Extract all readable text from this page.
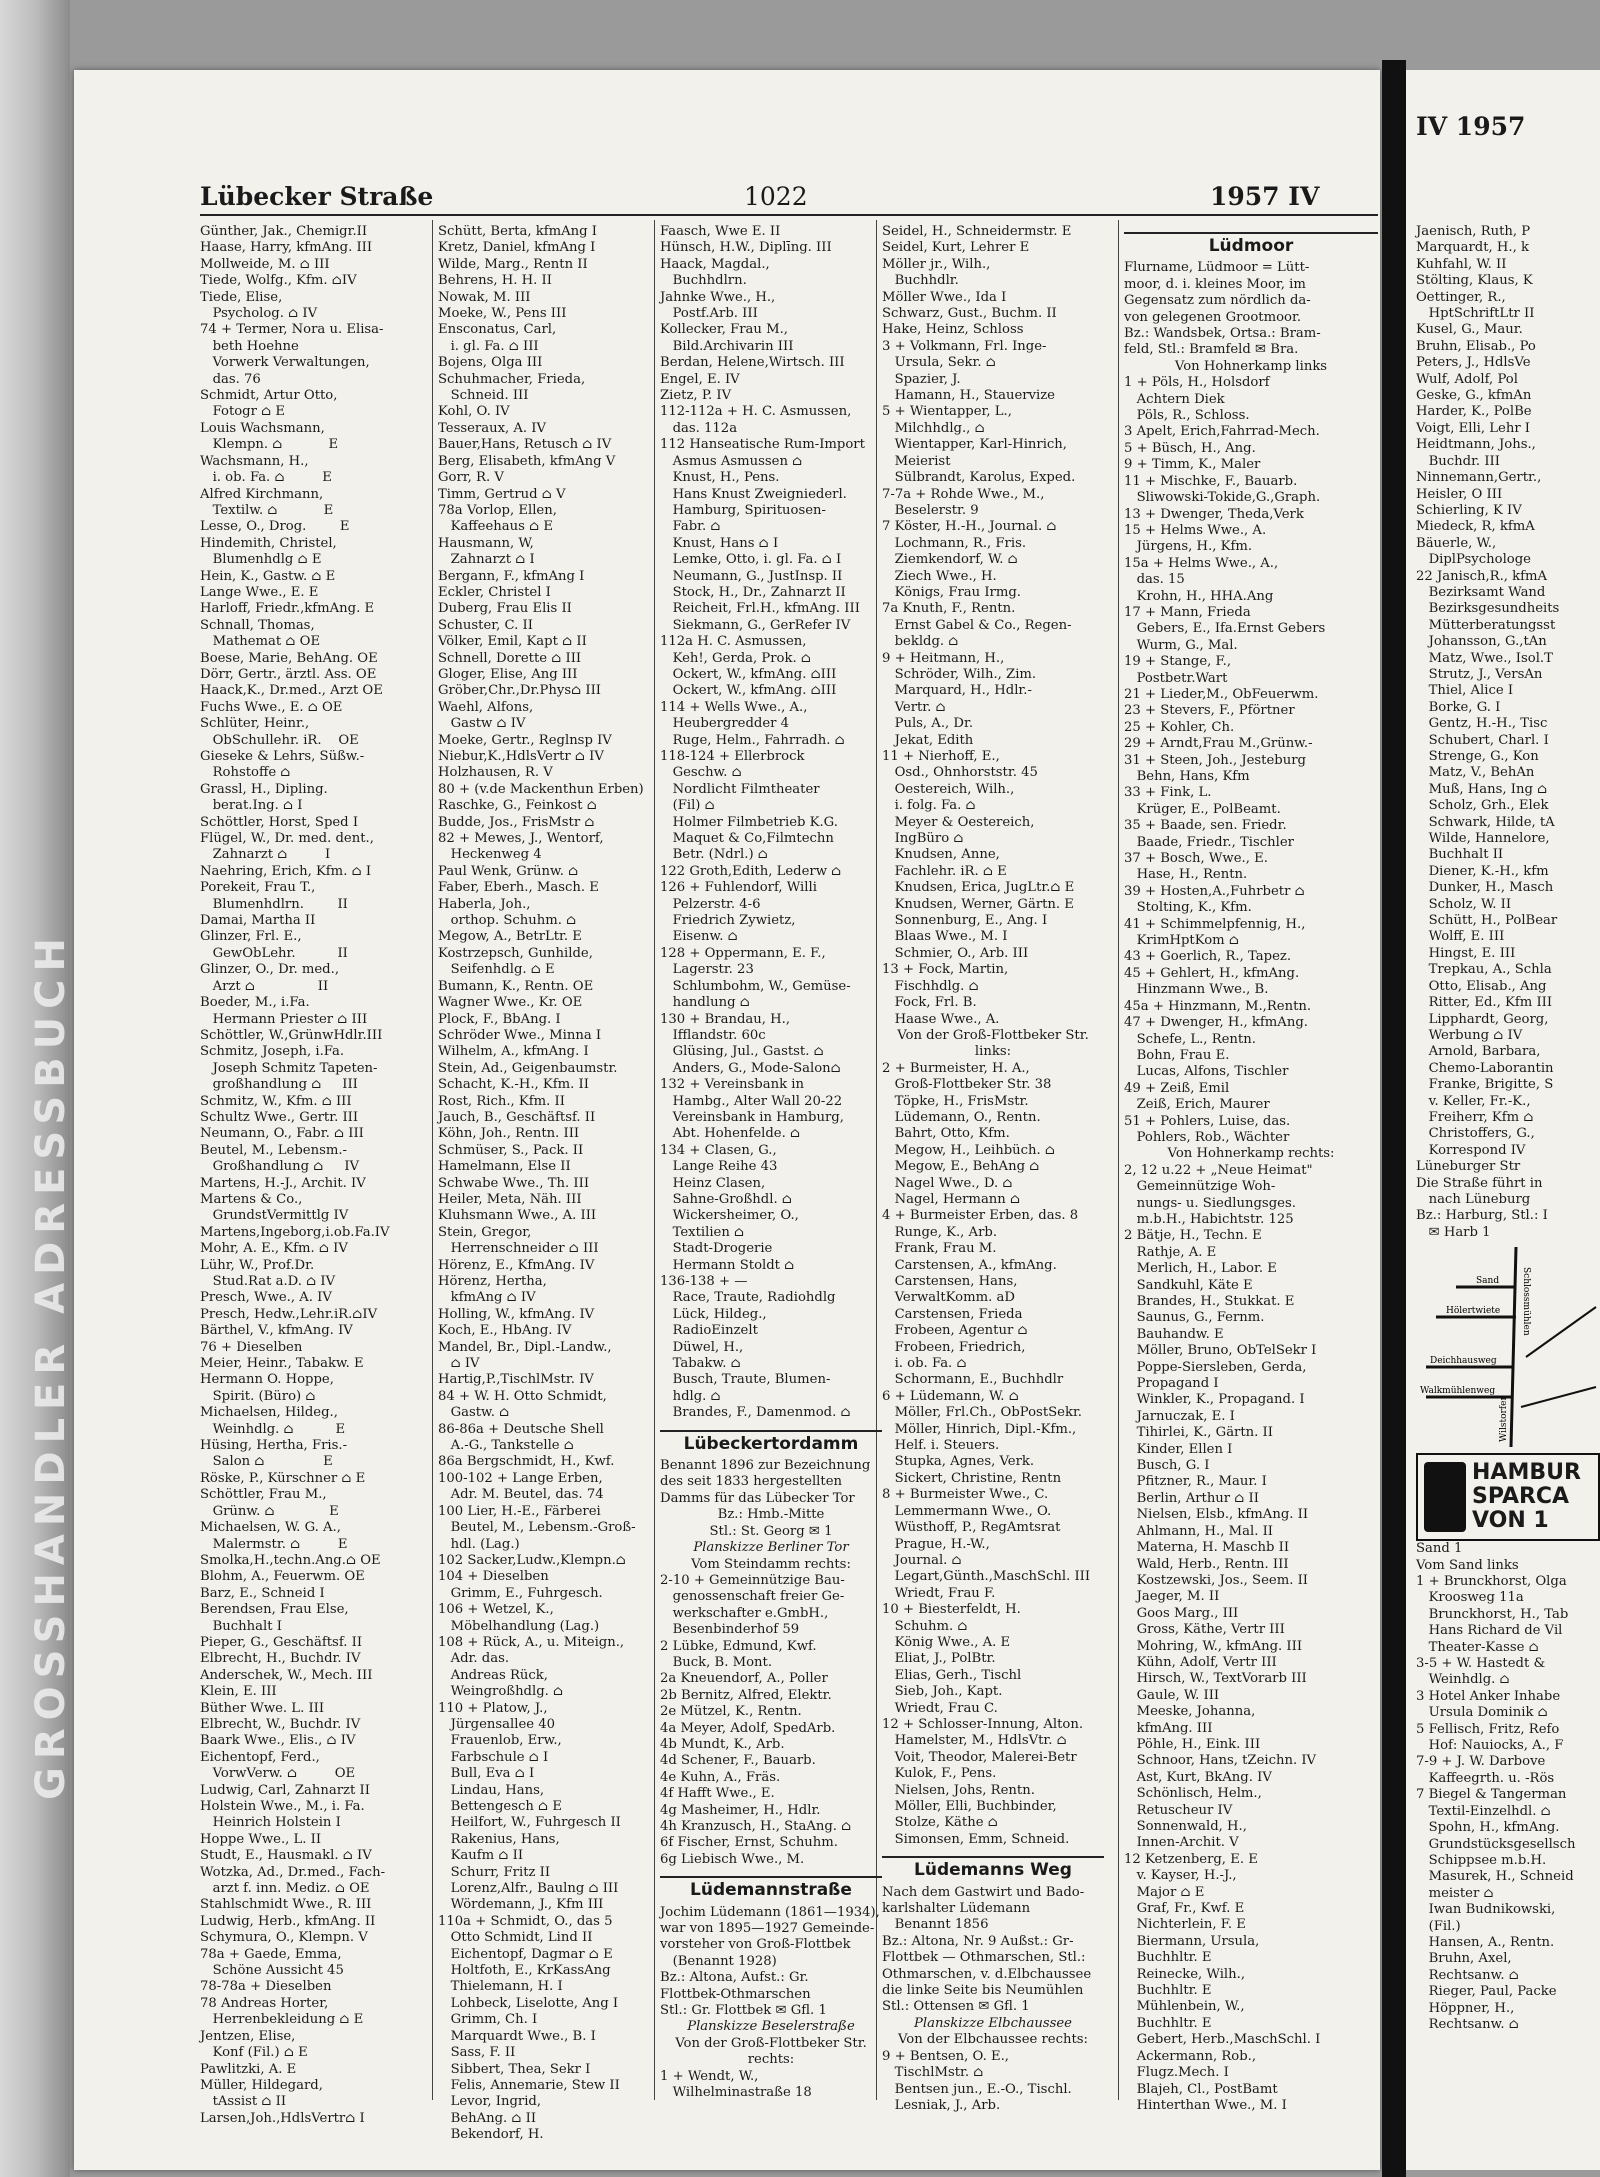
GROSSHANDLER ADRESSBUCH
Lübecker Straße	1022	1957 IV
Günther, Jak., Chemigr.II
Haase, Harry, kfmAng. III
Mollweide, M. ⌂ III
Tiede, Wolfg., Kfm. ⌂IV
Tiede, Elise,
Psycholog. ⌂ IV
74 + Termer, Nora u. Elisa-
beth Hoehne
Vorwerk Verwaltungen,
das. 76
Schmidt, Artur Otto,
Fotogr ⌂ E
Louis Wachsmann,
Klempn. ⌂           E
Wachsmann, H.,
i. ob. Fa. ⌂         E
Alfred Kirchmann,
Textilw. ⌂           E
Lesse, O., Drog.        E
Hindemith, Christel,
Blumenhdlg ⌂ E
Hein, K., Gastw. ⌂ E
Lange Wwe., E. E
Harloff, Friedr.,kfmAng. E
Schnall, Thomas,
Mathemat ⌂ OE
Boese, Marie, BehAng. OE
Dörr, Gertr., ärztl. Ass. OE
Haack,K., Dr.med., Arzt OE
Fuchs Wwe., E. ⌂ OE
Schlüter, Heinr.,
ObSchullehr. iR.    OE
Gieseke & Lehrs, Süßw.-
Rohstoffe ⌂
Grassl, H., Dipling.
berat.Ing. ⌂ I
Schöttler, Horst, Sped I
Flügel, W., Dr. med. dent.,
Zahnarzt ⌂         I
Naehring, Erich, Kfm. ⌂ I
Porekeit, Frau T.,
Blumenhdlrn.        II
Damai, Martha II
Glinzer, Frl. E.,
GewObLehr.          II
Glinzer, O., Dr. med.,
Arzt ⌂               II
Boeder, M., i.Fa.
Hermann Priester ⌂ III
Schöttler, W.,GrünwHdlr.III
Schmitz, Joseph, i.Fa.
Joseph Schmitz Tapeten-
großhandlung ⌂     III
Schmitz, W., Kfm. ⌂ III
Schultz Wwe., Gertr. III
Neumann, O., Fabr. ⌂ III
Beutel, M., Lebensm.-
Großhandlung ⌂     IV
Martens, H.-J., Archit. IV
Martens & Co.,
GrundstVermittlg IV
Martens,Ingeborg,i.ob.Fa.IV
Mohr, A. E., Kfm. ⌂ IV
Lühr, W., Prof.Dr.
Stud.Rat a.D. ⌂ IV
Presch, Wwe., A. IV
Presch, Hedw.,Lehr.iR.⌂IV
Bärthel, V., kfmAng. IV
76 + Dieselben
Meier, Heinr., Tabakw. E
Hermann O. Hoppe,
Spirit. (Büro) ⌂
Michaelsen, Hildeg.,
Weinhdlg. ⌂          E
Hüsing, Hertha, Fris.-
Salon ⌂              E
Röske, P., Kürschner ⌂ E
Schöttler, Frau M.,
Grünw. ⌂             E
Michaelsen, W. G. A.,
Malermstr. ⌂         E
Smolka,H.,techn.Ang.⌂ OE
Blohm, A., Feuerwm. OE
Barz, E., Schneid I
Berendsen, Frau Else,
Buchhalt I
Pieper, G., Geschäftsf. II
Elbrecht, H., Buchdr. IV
Anderschek, W., Mech. III
Klein, E. III
Büther Wwe. L. III
Elbrecht, W., Buchdr. IV
Baark Wwe., Elis., ⌂ IV
Eichentopf, Ferd.,
VorwVerw. ⌂         OE
Ludwig, Carl, Zahnarzt II
Holstein Wwe., M., i. Fa.
Heinrich Holstein I
Hoppe Wwe., L. II
Studt, E., Hausmakl. ⌂ IV
Wotzka, Ad., Dr.med., Fach-
arzt f. inn. Mediz. ⌂ OE
Stahlschmidt Wwe., R. III
Ludwig, Herb., kfmAng. II
Schymura, O., Klempn. V
78a + Gaede, Emma,
Schöne Aussicht 45
78-78a + Dieselben
78 Andreas Horter,
Herrenbekleidung ⌂ E
Jentzen, Elise,
Konf (Fil.) ⌂ E
Pawlitzki, A. E
Müller, Hildegard,
tAssist ⌂ II
Larsen,Joh.,HdlsVertr⌂ I
Schütt, Berta, kfmAng I
Kretz, Daniel, kfmAng I
Wilde, Marg., Rentn II
Behrens, H. H. II
Nowak, M. III
Moeke, W., Pens III
Ensconatus, Carl,
i. gl. Fa. ⌂ III
Bojens, Olga III
Schuhmacher, Frieda,
Schneid. III
Kohl, O. IV
Tesseraux, A. IV
Bauer,Hans, Retusch ⌂ IV
Berg, Elisabeth, kfmAng V
Gorr, R. V
Timm, Gertrud ⌂ V
78a Vorlop, Ellen,
Kaffeehaus ⌂ E
Hausmann, W,
Zahnarzt ⌂ I
Bergann, F., kfmAng I
Eckler, Christel I
Duberg, Frau Elis II
Schuster, C. II
Völker, Emil, Kapt ⌂ II
Schnell, Dorette ⌂ III
Gloger, Elise, Ang III
Gröber,Chr.,Dr.Phys⌂ III
Waehl, Alfons,
Gastw ⌂ IV
Moeke, Gertr., Reglnsp IV
Niebur,K.,HdlsVertr ⌂ IV
Holzhausen, R. V
80 + (v.de Mackenthun Erben)
Raschke, G., Feinkost ⌂
Budde, Jos., FrisMstr ⌂
82 + Mewes, J., Wentorf,
Heckenweg 4
Paul Wenk, Grünw. ⌂
Faber, Eberh., Masch. E
Haberla, Joh.,
orthop. Schuhm. ⌂
Megow, A., BetrLtr. E
Kostrzepsch, Gunhilde,
Seifenhdlg. ⌂ E
Bumann, K., Rentn. OE
Wagner Wwe., Kr. OE
Plock, F., BbAng. I
Schröder Wwe., Minna I
Wilhelm, A., kfmAng. I
Stein, Ad., Geigenbaumstr.
Schacht, K.-H., Kfm. II
Rost, Rich., Kfm. II
Jauch, B., Geschäftsf. II
Köhn, Joh., Rentn. III
Schmüser, S., Pack. II
Hamelmann, Else II
Schwabe Wwe., Th. III
Heiler, Meta, Näh. III
Kluhsmann Wwe., A. III
Stein, Gregor,
Herrenschneider ⌂ III
Hörenz, E., KfmAng. IV
Hörenz, Hertha,
kfmAng ⌂ IV
Holling, W., kfmAng. IV
Koch, E., HbAng. IV
Mandel, Br., Dipl.-Landw.,
⌂ IV
Hartig,P.,TischlMstr. IV
84 + W. H. Otto Schmidt,
Gastw. ⌂
86-86a + Deutsche Shell
A.-G., Tankstelle ⌂
86a Bergschmidt, H., Kwf.
100-102 + Lange Erben,
Adr. M. Beutel, das. 74
100 Lier, H.-E., Färberei
Beutel, M., Lebensm.-Groß-
hdl. (Lag.)
102 Sacker,Ludw.,Klempn.⌂
104 + Dieselben
Grimm, E., Fuhrgesch.
106 + Wetzel, K.,
Möbelhandlung (Lag.)
108 + Rück, A., u. Miteign.,
Adr. das.
Andreas Rück,
Weingroßhdlg. ⌂
110 + Platow, J.,
Jürgensallee 40
Frauenlob, Erw.,
Farbschule ⌂ I
Bull, Eva ⌂ I
Lindau, Hans,
Bettengesch ⌂ E
Heilfort, W., Fuhrgesch II
Rakenius, Hans,
Kaufm ⌂ II
Schurr, Fritz II
Lorenz,Alfr., Baulng ⌂ III
Wördemann, J., Kfm III
110a + Schmidt, O., das 5
Otto Schmidt, Lind II
Eichentopf, Dagmar ⌂ E
Holtfoth, E., KrKassAng
Thielemann, H. I
Lohbeck, Liselotte, Ang I
Grimm, Ch. I
Marquardt Wwe., B. I
Sass, F. II
Sibbert, Thea, Sekr I
Felis, Annemarie, Stew II
Levor, Ingrid,
BehAng. ⌂ II
Bekendorf, H.
Faasch, Wwe E. II
Hünsch, H.W., Diplīng. III
Haack, Magdal.,
Buchhdlrn.
Jahnke Wwe., H.,
Postf.Arb. III
Kollecker, Frau M.,
Bild.Archivarin III
Berdan, Helene,Wirtsch. III
Engel, E. IV
Zietz, P. IV
112-112a + H. C. Asmussen,
das. 112a
112 Hanseatische Rum-Import
Asmus Asmussen ⌂
Knust, H., Pens.
Hans Knust Zweigniederl.
Hamburg, Spirituosen-
Fabr. ⌂
Knust, Hans ⌂ I
Lemke, Otto, i. gl. Fa. ⌂ I
Neumann, G., JustInsp. II
Stock, H., Dr., Zahnarzt II
Reicheit, Frl.H., kfmAng. III
Siekmann, G., GerRefer IV
112a H. C. Asmussen,
Keh!, Gerda, Prok. ⌂
Ockert, W., kfmAng. ⌂III
Ockert, W., kfmAng. ⌂III
114 + Wells Wwe., A.,
Heubergredder 4
Ruge, Helm., Fahrradh. ⌂
118-124 + Ellerbrock
Geschw. ⌂
Nordlicht Filmtheater
(Fil) ⌂
Holmer Filmbetrieb K.G.
Maquet & Co,Filmtechn
Betr. (Ndrl.) ⌂
122 Groth,Edith, Lederw ⌂
126 + Fuhlendorf, Willi
Pelzerstr. 4-6
Friedrich Zywietz,
Eisenw. ⌂
128 + Oppermann, E. F.,
Lagerstr. 23
Schlumbohm, W., Gemüse-
handlung ⌂
130 + Brandau, H.,
Ifflandstr. 60c
Glüsing, Jul., Gastst. ⌂
Anders, G., Mode-Salon⌂
132 + Vereinsbank in
Hambg., Alter Wall 20-22
Vereinsbank in Hamburg,
Abt. Hohenfelde. ⌂
134 + Clasen, G.,
Lange Reihe 43
Heinz Clasen,
Sahne-Großhdl. ⌂
Wickersheimer, O.,
Textilien ⌂
Stadt-Drogerie
Hermann Stoldt ⌂
136-138 + —
Race, Traute, Radiohdlg
Lück, Hildeg.,
RadioEinzelt
Düwel, H.,
Tabakw. ⌂
Busch, Traute, Blumen-
hdlg. ⌂
Brandes, F., Damenmod. ⌂
Lübeckertordamm
Benannt 1896 zur Bezeichnung
des seit 1833 hergestellten
Damms für das Lübecker Tor
Bz.: Hmb.-Mitte
Stl.: St. Georg ✉ 1
Planskizze Berliner Tor
Vom Steindamm rechts:
2-10 + Gemeinnützige Bau-
genossenschaft freier Ge-
werkschafter e.GmbH.,
Besenbinderhof 59
2 Lübke, Edmund, Kwf.
Buck, B. Mont.
2a Kneuendorf, A., Poller
2b Bernitz, Alfred, Elektr.
2e Mützel, K., Rentn.
4a Meyer, Adolf, SpedArb.
4b Mundt, K., Arb.
4d Schener, F., Bauarb.
4e Kuhn, A., Fräs.
4f Hafft Wwe., E.
4g Masheimer, H., Hdlr.
4h Kranzusch, H., StaAng. ⌂
6f Fischer, Ernst, Schuhm.
6g Liebisch Wwe., M.
Lüdemannstraße
Jochim Lüdemann (1861—1934),
war von 1895—1927 Gemeinde-
vorsteher von Groß-Flottbek
(Benannt 1928)
Bz.: Altona, Aufst.: Gr.
Flottbek-Othmarschen
Stl.: Gr. Flottbek ✉ Gfl. 1
Planskizze Beselerstraße
Von der Groß-Flottbeker Str.
rechts:
1 + Wendt, W.,
Wilhelminastraße 18
Seidel, H., Schneidermstr. E
Seidel, Kurt, Lehrer E
Möller jr., Wilh.,
Buchhdlr.
Möller Wwe., Ida I
Schwarz, Gust., Buchm. II
Hake, Heinz, Schloss
3 + Volkmann, Frl. Inge-
Ursula, Sekr. ⌂
Spazier, J.
Hamann, H., Stauervize
5 + Wientapper, L.,
Milchhdlg., ⌂
Wientapper, Karl-Hinrich,
Meierist
Sülbrandt, Karolus, Exped.
7-7a + Rohde Wwe., M.,
Beselerstr. 9
7 Köster, H.-H., Journal. ⌂
Lochmann, R., Fris.
Ziemkendorf, W. ⌂
Ziech Wwe., H.
Königs, Frau Irmg.
7a Knuth, F., Rentn.
Ernst Gabel & Co., Regen-
bekldg. ⌂
9 + Heitmann, H.,
Schröder, Wilh., Zim.
Marquard, H., Hdlr.-
Vertr. ⌂
Puls, A., Dr.
Jekat, Edith
11 + Nierhoff, E.,
Osd., Ohnhorststr. 45
Oestereich, Wilh.,
i. folg. Fa. ⌂
Meyer & Oestereich,
IngBüro ⌂
Knudsen, Anne,
Fachlehr. iR. ⌂ E
Knudsen, Erica, JugLtr.⌂ E
Knudsen, Werner, Gärtn. E
Sonnenburg, E., Ang. I
Blaas Wwe., M. I
Schmier, O., Arb. III
13 + Fock, Martin,
Fischhdlg. ⌂
Fock, Frl. B.
Haase Wwe., A.
Von der Groß-Flottbeker Str.
links:
2 + Burmeister, H. A.,
Groß-Flottbeker Str. 38
Töpke, H., FrisMstr.
Lüdemann, O., Rentn.
Bahrt, Otto, Kfm.
Megow, H., Leihbüch. ⌂
Megow, E., BehAng ⌂
Nagel Wwe., D. ⌂
Nagel, Hermann ⌂
4 + Burmeister Erben, das. 8
Runge, K., Arb.
Frank, Frau M.
Carstensen, A., kfmAng.
Carstensen, Hans,
VerwaltKomm. aD
Carstensen, Frieda
Frobeen, Agentur ⌂
Frobeen, Friedrich,
i. ob. Fa. ⌂
Schormann, E., Buchhdlr
6 + Lüdemann, W. ⌂
Möller, Frl.Ch., ObPostSekr.
Möller, Hinrich, Dipl.-Kfm.,
Helf. i. Steuers.
Stupka, Agnes, Verk.
Sickert, Christine, Rentn
8 + Burmeister Wwe., C.
Lemmermann Wwe., O.
Wüsthoff, P., RegAmtsrat
Prague, H.-W.,
Journal. ⌂
Legart,Günth.,MaschSchl. III
Wriedt, Frau F.
10 + Biesterfeldt, H.
Schuhm. ⌂
König Wwe., A. E
Eliat, J., PolBtr.
Elias, Gerh., Tischl
Sieb, Joh., Kapt.
Wriedt, Frau C.
12 + Schlosser-Innung, Alton.
Hamelster, M., HdlsVtr. ⌂
Voit, Theodor, Malerei-Betr
Kulok, F., Pens.
Nielsen, Johs, Rentn.
Möller, Elli, Buchbinder,
Stolze, Käthe ⌂
Simonsen, Emm, Schneid.
Lüdemanns Weg
Nach dem Gastwirt und Bado-
karlshalter Lüdemann
Benannt 1856
Bz.: Altona, Nr. 9 Außst.: Gr-
Flottbek — Othmarschen, Stl.:
Othmarschen, v. d.Elbchaussee
die linke Seite bis Neumühlen
Stl.: Ottensen ✉ Gfl. 1
Planskizze Elbchaussee
Von der Elbchaussee rechts:
9 + Bentsen, O. E.,
TischlMstr. ⌂
Bentsen jun., E.-O., Tischl.
Lesniak, J., Arb.
Lüdmoor
Flurname, Lüdmoor = Lütt-
moor, d. i. kleines Moor, im
Gegensatz zum nördlich da-
von gelegenen Grootmoor.
Bz.: Wandsbek, Ortsa.: Bram-
feld, Stl.: Bramfeld ✉ Bra.
Von Hohnerkamp links
1 + Pöls, H., Holsdorf
Achtern Diek
Pöls, R., Schloss.
3 Apelt, Erich,Fahrrad-Mech.
5 + Büsch, H., Ang.
9 + Timm, K., Maler
11 + Mischke, F., Bauarb.
Sliwowski-Tokide,G.,Graph.
13 + Dwenger, Theda,Verk
15 + Helms Wwe., A.
Jürgens, H., Kfm.
15a + Helms Wwe., A.,
das. 15
Krohn, H., HHA.Ang
17 + Mann, Frieda
Gebers, E., Ifa.Ernst Gebers
Wurm, G., Mal.
19 + Stange, F.,
Postbetr.Wart
21 + Lieder,M., ObFeuerwm.
23 + Stevers, F., Pförtner
25 + Kohler, Ch.
29 + Arndt,Frau M.,Grünw.-
31 + Steen, Joh., Jesteburg
Behn, Hans, Kfm
33 + Fink, L.
Krüger, E., PolBeamt.
35 + Baade, sen. Friedr.
Baade, Friedr., Tischler
37 + Bosch, Wwe., E.
Hase, H., Rentn.
39 + Hosten,A.,Fuhrbetr ⌂
Stolting, K., Kfm.
41 + Schimmelpfennig, H.,
KrimHptKom ⌂
43 + Goerlich, R., Tapez.
45 + Gehlert, H., kfmAng.
Hinzmann Wwe., B.
45a + Hinzmann, M.,Rentn.
47 + Dwenger, H., kfmAng.
Schefe, L., Rentn.
Bohn, Frau E.
Lucas, Alfons, Tischler
49 + Zeiß, Emil
Zeiß, Erich, Maurer
51 + Pohlers, Luise, das.
Pohlers, Rob., Wächter
Von Hohnerkamp rechts:
2, 12 u.22 + „Neue Heimat"
Gemeinnützige Woh-
nungs- u. Siedlungsges.
m.b.H., Habichtstr. 125
2 Bätje, H., Techn. E
Rathje, A. E
Merlich, H., Labor. E
Sandkuhl, Käte E
Brandes, H., Stukkat. E
Saunus, G., Fernm.
Bauhandw. E
Möller, Bruno, ObTelSekr I
Poppe-Siersleben, Gerda,
Propagand I
Winkler, K., Propagand. I
Jarnuczak, E. I
Tihirlei, K., Gärtn. II
Kinder, Ellen I
Busch, G. I
Pfitzner, R., Maur. I
Berlin, Arthur ⌂ II
Nielsen, Elsb., kfmAng. II
Ahlmann, H., Mal. II
Materna, H. Maschb II
Wald, Herb., Rentn. III
Kostzewski, Jos., Seem. II
Jaeger, M. II
Goos Marg., III
Gross, Käthe, Vertr III
Mohring, W., kfmAng. III
Kühn, Adolf, Vertr III
Hirsch, W., TextVorarb III
Gaule, W. III
Meeske, Johanna,
kfmAng. III
Pöhle, H., Eink. III
Schnoor, Hans, tZeichn. IV
Ast, Kurt, BkAng. IV
Schönlisch, Helm.,
Retuscheur IV
Sonnenwald, H.,
Innen-Archit. V
12 Ketzenberg, E. E
v. Kayser, H.-J.,
Major ⌂ E
Graf, Fr., Kwf. E
Nichterlein, F. E
Biermann, Ursula,
Buchhltr. E
Reinecke, Wilh.,
Buchhltr. E
Mühlenbein, W.,
Buchhltr. E
Gebert, Herb.,MaschSchl. I
Ackermann, Rob.,
Flugz.Mech. I
Blajeh, Cl., PostBamt
Hinterthan Wwe., M. I
IV 1957
Jaenisch, Ruth, P
Marquardt, H., k
Kuhfahl, W. II
Stölting, Klaus, K
Oettinger, R.,
HptSchriftLtr II
Kusel, G., Maur.
Bruhn, Elisab., Po
Peters, J., HdlsVe
Wulf, Adolf, Pol
Geske, G., kfmAn
Harder, K., PolBe
Voigt, Elli, Lehr I
Heidtmann, Johs.,
Buchdr. III
Ninnemann,Gertr.,
Heisler, O III
Schierling, K IV
Miedeck, R, kfmA
Bäuerle, W.,
DiplPsychologe
22 Janisch,R., kfmA
Bezirksamt Wand
Bezirksgesundheits
Mütterberatungsst
Johansson, G.,tAn
Matz, Wwe., Isol.T
Strutz, J., VersAn
Thiel, Alice I
Borke, G. I
Gentz, H.-H., Tisc
Schubert, Charl. I
Strenge, G., Kon
Matz, V., BehAn
Muß, Hans, Ing ⌂
Scholz, Grh., Elek
Schwark, Hilde, tA
Wilde, Hannelore,
Buchhalt II
Diener, K.-H., kfm
Dunker, H., Masch
Scholz, W. II
Schütt, H., PolBear
Wolff, E. III
Hingst, E. III
Trepkau, A., Schla
Otto, Elisab., Ang
Ritter, Ed., Kfm III
Lipphardt, Georg,
Werbung ⌂ IV
Arnold, Barbara,
Chemo-Laborantin
Franke, Brigitte, S
v. Keller, Fr.-K.,
Freiherr, Kfm ⌂
Christoffers, G.,
Korrespond IV
Lüneburger Str
Die Straße führt in
nach Lüneburg
Bz.: Harburg, Stl.: I
✉ Harb 1
Sand
Hölertwiete
Deichhausweg
Walkmühlenweg
Wilstorfer
Schlossmühlen
HAMBUR
SPARCA
VON 1
Sand 1
Vom Sand links
1 + Brunckhorst, Olga
Kroosweg 11a
Brunckhorst, H., Tab
Hans Richard de Vil
Theater-Kasse ⌂
3-5 + W. Hastedt &
Weinhdlg. ⌂
3 Hotel Anker Inhabe
Ursula Dominik ⌂
5 Fellisch, Fritz, Refo
Hof: Nauiocks, A., F
7-9 + J. W. Darbove
Kaffeegrth. u. -Rös
7 Biegel & Tangerman
Textil-Einzelhdl. ⌂
Spohn, H., kfmAng.
Grundstücksgesellsch
Schippsee m.b.H.
Masurek, H., Schneid
meister ⌂
Iwan Budnikowski,
(Fil.)
Hansen, A., Rentn.
Bruhn, Axel,
Rechtsanw. ⌂
Rieger, Paul, Packe
Höppner, H.,
Rechtsanw. ⌂
